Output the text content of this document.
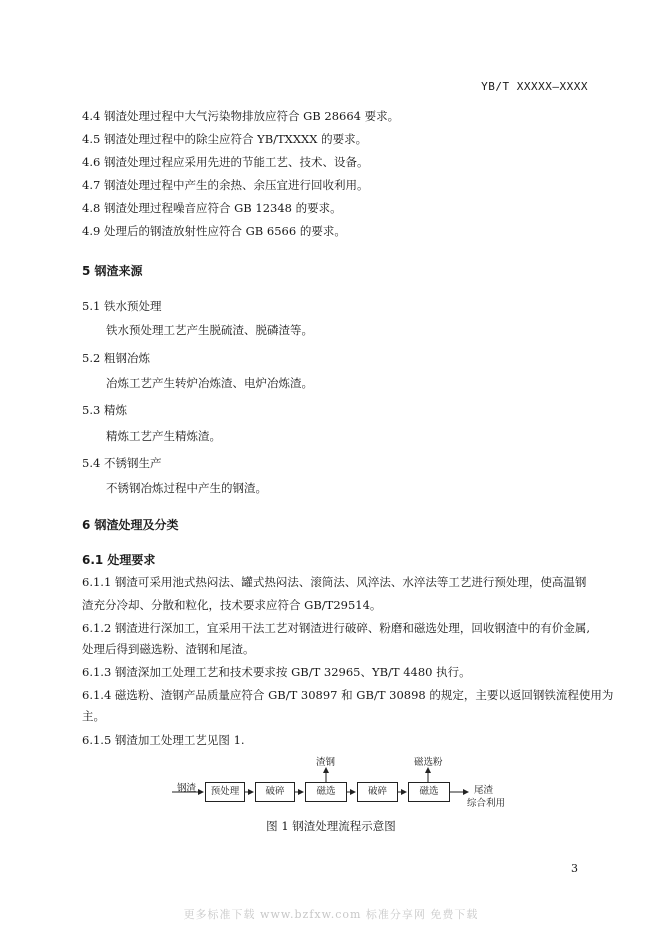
YB/T XXXXX—XXXX
4.4 钢渣处理过程中大气污染物排放应符合 GB 28664 要求。
4.5 钢渣处理过程中的除尘应符合 YB/TXXXX 的要求。
4.6 钢渣处理过程应采用先进的节能工艺、技术、设备。
4.7 钢渣处理过程中产生的余热、余压宜进行回收利用。
4.8 钢渣处理过程噪音应符合 GB 12348 的要求。
4.9 处理后的钢渣放射性应符合 GB 6566 的要求。
5 钢渣来源
5.1 铁水预处理
铁水预处理工艺产生脱硫渣、脱磷渣等。
5.2 粗钢冶炼
冶炼工艺产生转炉冶炼渣、电炉冶炼渣。
5.3 精炼
精炼工艺产生精炼渣。
5.4 不锈钢生产
不锈钢冶炼过程中产生的钢渣。
6 钢渣处理及分类
6.1 处理要求
6.1.1 钢渣可采用池式热闷法、罐式热闷法、滚筒法、风淬法、水淬法等工艺进行预处理，使高温钢
渣充分冷却、分散和粒化，技术要求应符合 GB/T29514。
6.1.2 钢渣进行深加工，宜采用干法工艺对钢渣进行破碎、粉磨和磁选处理，回收钢渣中的有价金属,
处理后得到磁选粉、渣钢和尾渣。
6.1.3 钢渣深加工处理工艺和技术要求按 GB/T 32965、YB/T 4480 执行。
6.1.4 磁选粉、渣钢产品质量应符合 GB/T 30897 和 GB/T 30898 的规定，主要以返回钢铁流程使用为
主。
6.1.5 钢渣加工处理工艺见图 1.
钢渣	预处理	破碎	磁选	破碎	磁选
渣钢	磁选粉
尾渣
综合利用
图 1 钢渣处理流程示意图
3
更多标准下载 www.bzfxw.com 标准分享网 免费下载
